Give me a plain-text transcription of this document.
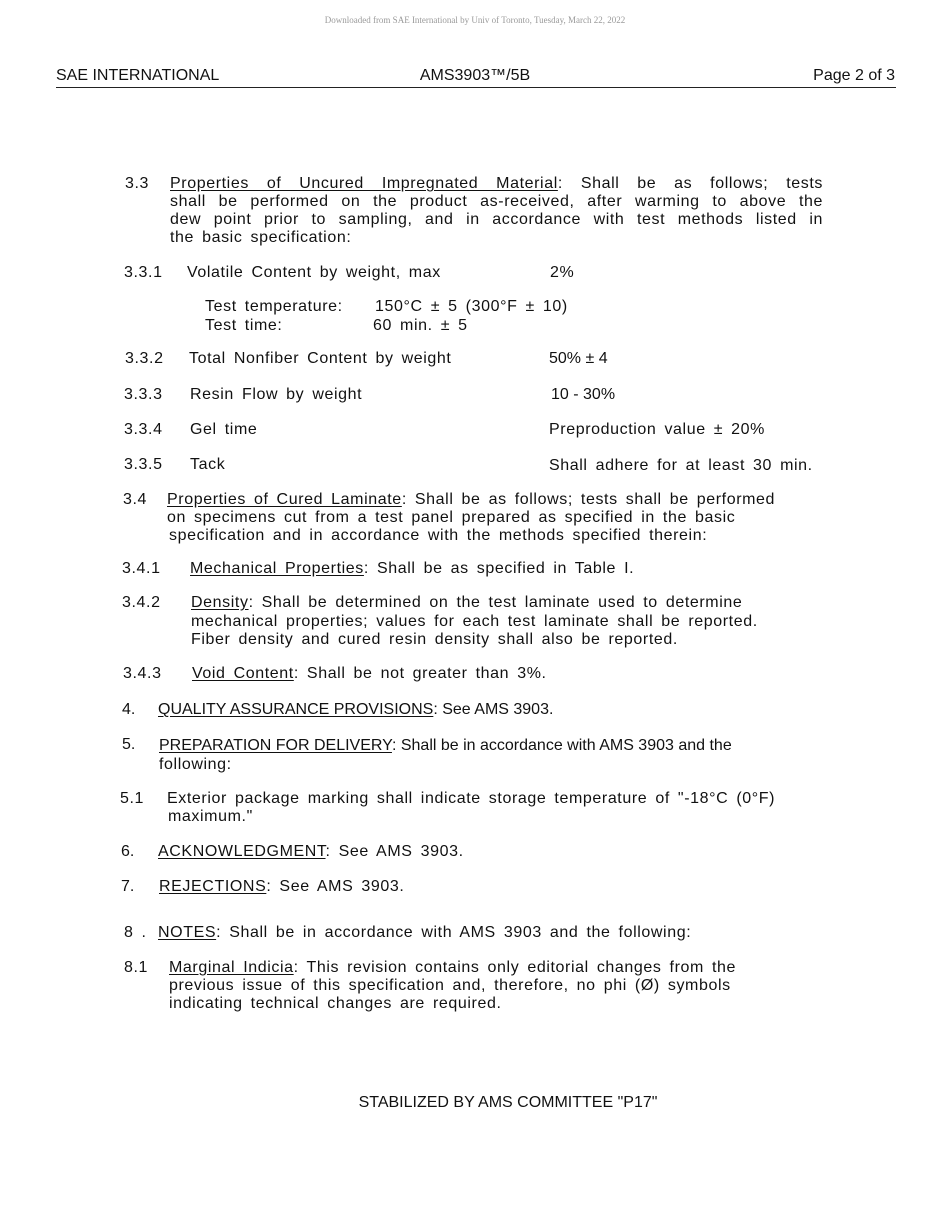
Downloaded from SAE International by Univ of Toronto, Tuesday, March 22, 2022
SAE INTERNATIONAL	AMS3903™/5B	Page 2 of 3
3.3 Properties of Uncured Impregnated Material: Shall be as follows; tests
shall be performed on the product as-received, after warming to above the
dew point prior to sampling, and in accordance with test methods listed in
the basic specification:
3.3.1 Volatile Content by weight, max	2%
Test temperature: 150°C ± 5 (300°F ± 10)
Test time:	60 min. ± 5
3.3.2 Total Nonfiber Content by weight	50% ± 4
3.3.3 Resin Flow by weight	10 - 30%
3.3.4 Gel time	Preproduction value ± 20%
3.3.5 Tack	Shall adhere for at least 30 min.
3.4 Properties of Cured Laminate: Shall be as follows; tests shall be performed
on specimens cut from a test panel prepared as specified in the basic
specification and in accordance with the methods specified therein:
3.4.1 Mechanical Properties: Shall be as specified in Table I.
3.4.2 Density: Shall be determined on the test laminate used to determine
mechanical properties; values for each test laminate shall be reported.
Fiber density and cured resin density shall also be reported.
3.4.3 Void Content: Shall be not greater than 3%.
4. QUALITY ASSURANCE PROVISIONS: See AMS 3903.
5. PREPARATION FOR DELIVERY: Shall be in accordance with AMS 3903 and the
following:
5.1 Exterior package marking shall indicate storage temperature of "-18°C (0°F)
maximum."
6. ACKNOWLEDGMENT: See AMS 3903.
7. REJECTIONS: See AMS 3903.
8 . NOTES: Shall be in accordance with AMS 3903 and the following:
8.1 Marginal Indicia: This revision contains only editorial changes from the
previous issue of this specification and, therefore, no phi (Ø) symbols
indicating technical changes are required.
STABILIZED BY AMS COMMITTEE "P17"
